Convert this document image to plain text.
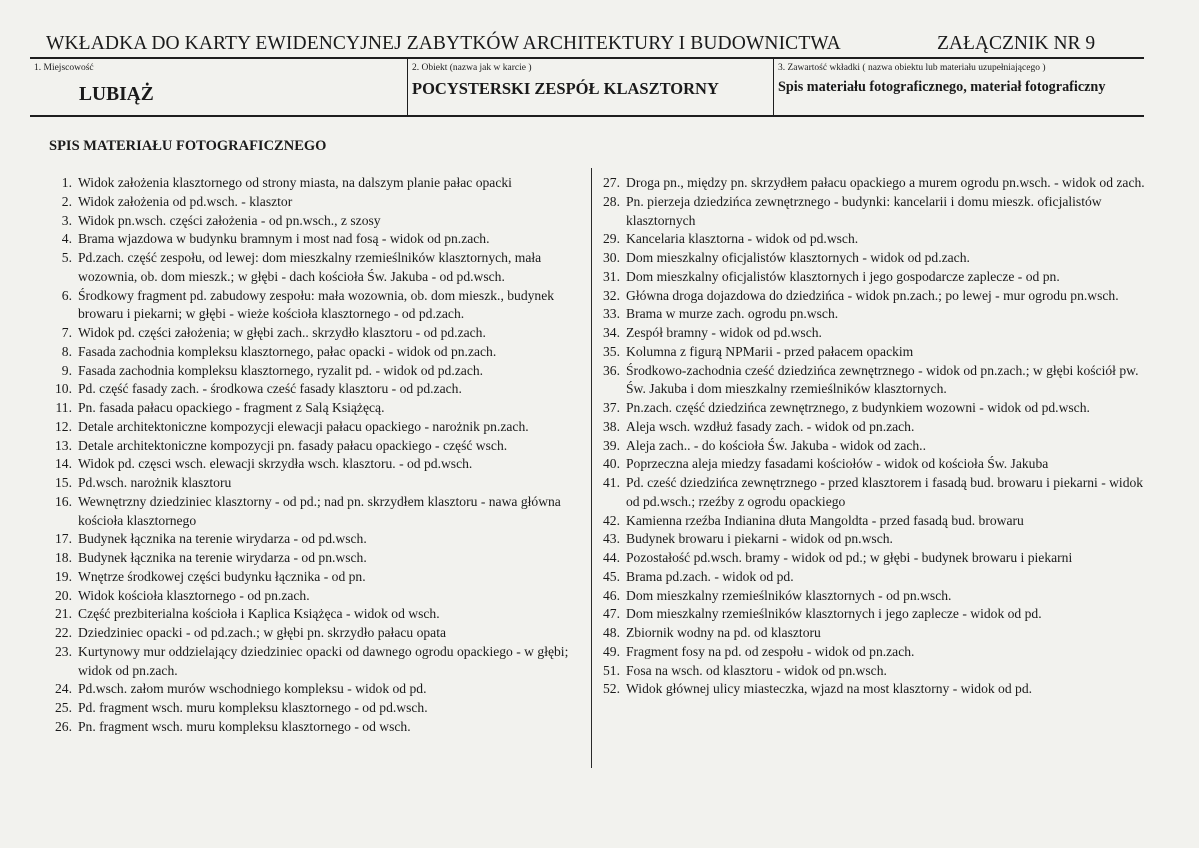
WKŁADKA DO KARTY EWIDENCYJNEJ ZABYTKÓW ARCHITEKTURY I BUDOWNICTWA	ZAŁĄCZNIK NR 9
1. Miejscowość
LUBIĄŻ
2. Obiekt (nazwa jak w karcie )
POCYSTERSKI ZESPÓŁ KLASZTORNY
3. Zawartość wkładki ( nazwa obiektu lub materiału uzupełniającego )
Spis materiału fotograficznego, materiał fotograficzny
SPIS MATERIAŁU FOTOGRAFICZNEGO
1. Widok założenia klasztornego od strony miasta, na dalszym planie pałac opacki
2. Widok założenia od pd.wsch. - klasztor
3. Widok pn.wsch. części założenia - od pn.wsch., z szosy
4. Brama wjazdowa w budynku bramnym i most nad fosą - widok od pn.zach.
5. Pd.zach. część zespołu, od lewej: dom mieszkalny rzemieślników klasztornych, mała wozownia, ob. dom mieszk.; w głębi - dach kościoła Św. Jakuba - od pd.wsch.
6. Środkowy fragment pd. zabudowy zespołu: mała wozownia, ob. dom mieszk., budynek browaru i piekarni; w głębi - wieże kościoła klasztornego - od pd.zach.
7. Widok pd. części założenia; w głębi zach.. skrzydło klasztoru - od pd.zach.
8. Fasada zachodnia kompleksu klasztornego, pałac opacki - widok od pn.zach.
9. Fasada zachodnia kompleksu klasztornego, ryzalit pd. - widok od pd.zach.
10. Pd. część fasady zach. - środkowa cześć fasady klasztoru - od pd.zach.
11. Pn. fasada pałacu opackiego - fragment z Salą Książęcą.
12. Detale architektoniczne kompozycji elewacji pałacu opackiego - narożnik pn.zach.
13. Detale architektoniczne kompozycji pn. fasady pałacu opackiego - część wsch.
14. Widok pd. częsci wsch. elewacji skrzydła wsch. klasztoru. - od pd.wsch.
15. Pd.wsch. narożnik klasztoru
16. Wewnętrzny dziedziniec klasztorny - od pd.; nad pn. skrzydłem klasztoru - nawa główna kościoła klasztornego
17. Budynek łącznika na terenie wirydarza - od pd.wsch.
18. Budynek łącznika na terenie wirydarza - od pn.wsch.
19. Wnętrze środkowej części budynku łącznika - od pn.
20. Widok kościoła klasztornego - od pn.zach.
21. Część prezbiterialna kościoła i Kaplica Książęca - widok od wsch.
22. Dziedziniec opacki - od pd.zach.; w głębi pn. skrzydło pałacu opata
23. Kurtynowy mur oddzielający dziedziniec opacki od dawnego ogrodu opackiego - w głębi; widok od pn.zach.
24. Pd.wsch. załom murów wschodniego kompleksu - widok od pd.
25. Pd. fragment wsch. muru kompleksu klasztornego - od pd.wsch.
26. Pn. fragment wsch. muru kompleksu klasztornego - od wsch.
27. Droga pn., między pn. skrzydłem pałacu opackiego a murem ogrodu pn.wsch. - widok od zach.
28. Pn. pierzeja dziedzińca zewnętrznego - budynki: kancelarii i domu mieszk. oficjalistów klasztornych
29. Kancelaria klasztorna - widok od pd.wsch.
30. Dom mieszkalny oficjalistów klasztornych - widok od pd.zach.
31. Dom mieszkalny oficjalistów klasztornych i jego gospodarcze zaplecze - od pn.
32. Główna droga dojazdowa do dziedzińca - widok pn.zach.; po lewej - mur ogrodu pn.wsch.
33. Brama w murze zach. ogrodu pn.wsch.
34. Zespół bramny - widok od pd.wsch.
35. Kolumna z figurą NPMarii - przed pałacem opackim
36. Środkowo-zachodnia cześć dziedzińca zewnętrznego - widok od pn.zach.; w głębi kościół pw. Św. Jakuba i dom mieszkalny rzemieślników klasztornych.
37. Pn.zach. część dziedzińca zewnętrznego, z budynkiem wozowni - widok od pd.wsch.
38. Aleja wsch. wzdłuż fasady zach. - widok od pn.zach.
39. Aleja zach.. - do kościoła Św. Jakuba - widok od zach..
40. Poprzeczna aleja miedzy fasadami kościołów - widok od kościoła Św. Jakuba
41. Pd. cześć dziedzińca zewnętrznego - przed klasztorem i fasadą bud. browaru i piekarni - widok od pd.wsch.; rzeźby z ogrodu opackiego
42. Kamienna rzeźba Indianina dłuta Mangoldta - przed fasadą bud. browaru
43. Budynek browaru i piekarni - widok od pn.wsch.
44. Pozostałość pd.wsch. bramy - widok od pd.; w głębi - budynek browaru i piekarni
45. Brama pd.zach. - widok od pd.
46. Dom mieszkalny rzemieślników klasztornych - od pn.wsch.
47. Dom mieszkalny rzemieślników klasztornych i jego zaplecze - widok od pd.
48. Zbiornik wodny na pd. od klasztoru
49. Fragment fosy na pd. od zespołu - widok od pn.zach.
51. Fosa na wsch. od klasztoru - widok od pn.wsch.
52. Widok głównej ulicy miasteczka, wjazd na most klasztorny - widok od pd.
